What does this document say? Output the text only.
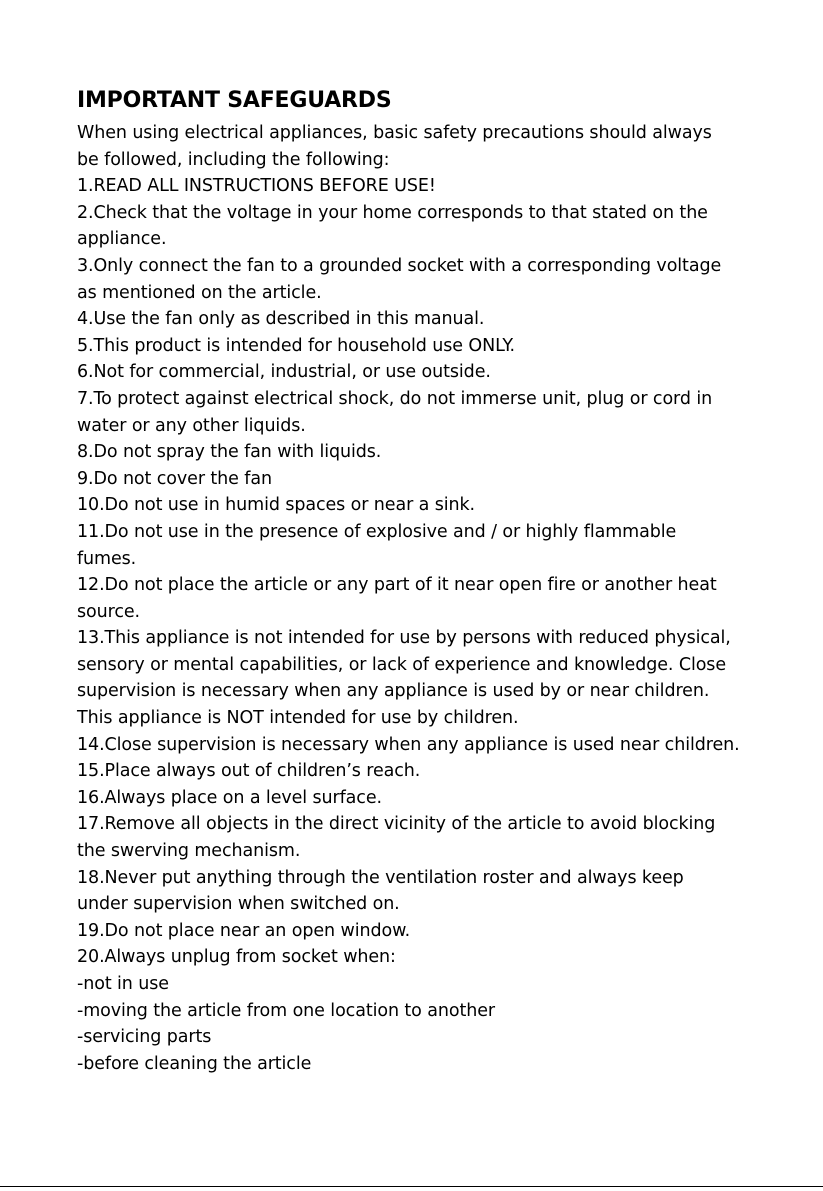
IMPORTANT SAFEGUARDS
When using electrical appliances, basic safety precautions should always
be followed, including the following:
1.READ ALL INSTRUCTIONS BEFORE USE!
2.Check that the voltage in your home corresponds to that stated on the
appliance.
3.Only connect the fan to a grounded socket with a corresponding voltage
as mentioned on the article.
4.Use the fan only as described in this manual.
5.This product is intended for household use ONLY.
6.Not for commercial, industrial, or use outside.
7.To protect against electrical shock, do not immerse unit, plug or cord in
water or any other liquids.
8.Do not spray the fan with liquids.
9.Do not cover the fan
10.Do not use in humid spaces or near a sink.
11.Do not use in the presence of explosive and / or highly flammable
fumes.
12.Do not place the article or any part of it near open fire or another heat
source.
13.This appliance is not intended for use by persons with reduced physical,
sensory or mental capabilities, or lack of experience and knowledge. Close
supervision is necessary when any appliance is used by or near children.
This appliance is NOT intended for use by children.
14.Close supervision is necessary when any appliance is used near children.
15.Place always out of children’s reach.
16.Always place on a level surface.
17.Remove all objects in the direct vicinity of the article to avoid blocking
the swerving mechanism.
18.Never put anything through the ventilation roster and always keep
under supervision when switched on.
19.Do not place near an open window.
20.Always unplug from socket when:
-not in use
-moving the article from one location to another
-servicing parts
-before cleaning the article
